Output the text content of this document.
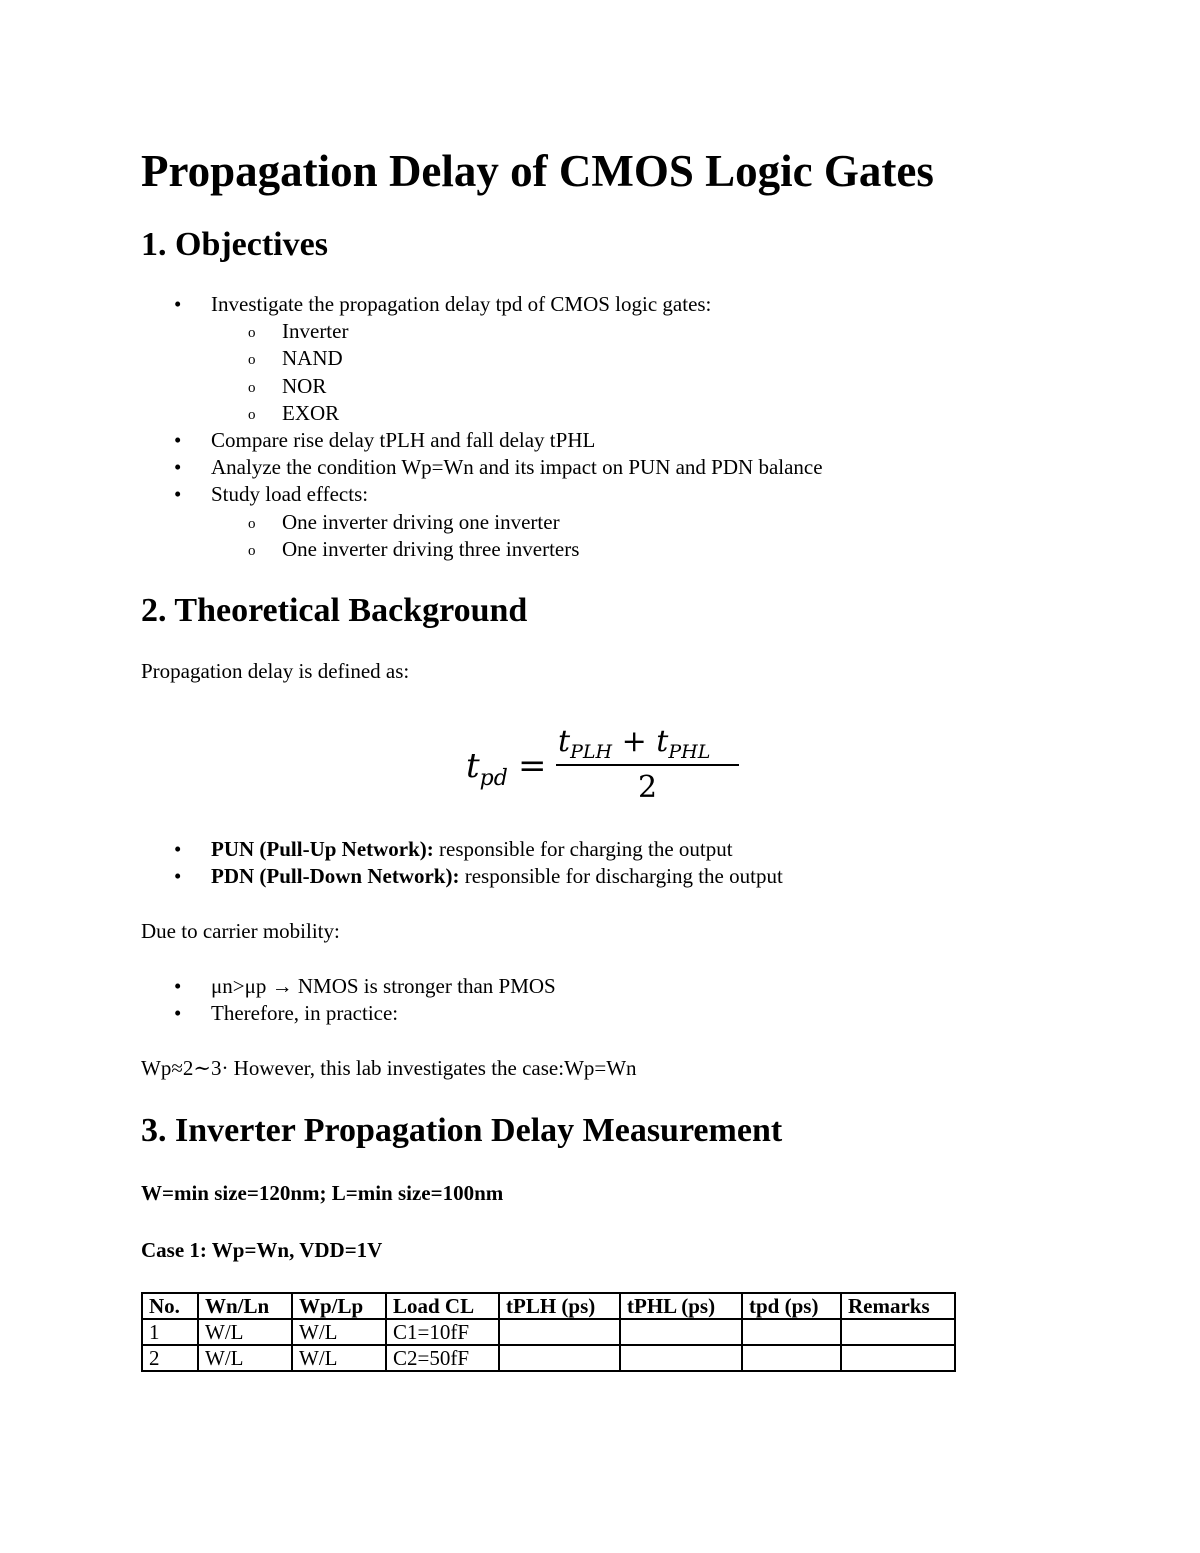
Propagation Delay of CMOS Logic Gates
1. Objectives
• Investigate the propagation delay tpd of CMOS logic gates:
o Inverter
o NAND
o NOR
o EXOR
• Compare rise delay tPLH and fall delay tPHL
• Analyze the condition Wp=Wn and its impact on PUN and PDN balance
• Study load effects:
o One inverter driving one inverter
o One inverter driving three inverters
2. Theoretical Background

Propagation delay is defined as:

$t_{pd}$ =
$t_{PLH} + t_{PHL}$
2
• PUN (Pull-Up Network): responsible for charging the output
• PDN (Pull-Down Network): responsible for discharging the output

Due to carrier mobility:

• μn>μp → NMOS is stronger than PMOS
• Therefore, in practice:

Wp≈2∼3· However, this lab investigates the case:Wp=Wn

3. Inverter Propagation Delay Measurement

W=min size=120nm; L=min size=100nm

Case 1: Wp=Wn, VDD=1V

No.	Wn/Ln	Wp/Lp	Load CL	tPLH (ps)	tPHL (ps)	tpd (ps)	Remarks
1	W/L	W/L	C1=10fF				
2	W/L	W/L	C2=50fF				
